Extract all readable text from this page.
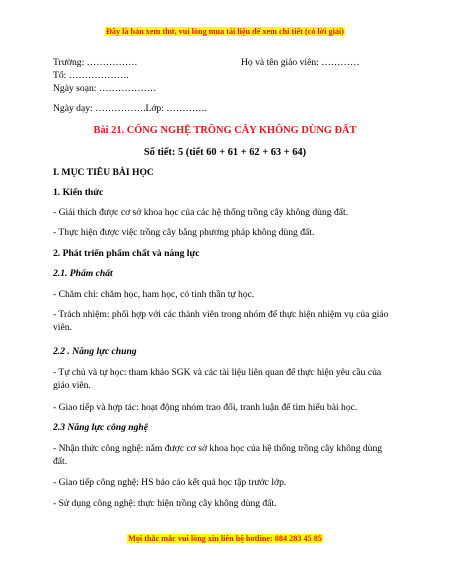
Đây là bản xem thử, vui lòng mua tài liệu để xem chi tiết (có lời giải)
Trường: …………….	Họ và tên giáo viên: …………
Tổ: ……………….
Ngày soạn: ………………
Ngày dạy: …………….Lớp: ………….
Bài 21. CÔNG NGHỆ TRỒNG CÂY KHÔNG DÙNG ĐẤT
Số tiết: 5 (tiết 60 + 61 + 62 + 63 + 64)
I. MỤC TIÊU BÀI HỌC
1. Kiến thức
- Giải thích được cơ sở khoa học của các hệ thống trồng cây không dùng đất.
- Thực hiện được việc trồng cây bằng phương pháp không dùng đất.
2. Phát triển phẩm chất và năng lực
2.1. Phẩm chất
- Chăm chỉ: chăm học, ham học, có tinh thần tự học.
- Trách nhiệm: phối hợp với các thành viên trong nhóm để thực hiện nhiệm vụ của giáo viên.
2.2 . Năng lực chung
- Tự chủ và tự học: tham khảo SGK và các tài liệu liên quan để thực hiện yêu cầu của giáo viên.
- Giao tiếp và hợp tác: hoạt động nhóm trao đổi, tranh luận để tìm hiểu bài học.
2.3 Năng lực công nghệ
- Nhận thức công nghệ: nắm được cơ sở khoa học của hệ thống trồng cây không dùng đất.
- Giao tiếp công nghệ: HS báo cáo kết quả học tập trước lớp.
- Sử dụng công nghệ: thực hiện trồng cây không dùng đất.
Mọi thắc mắc vui lòng xin liên hệ hotline: 084 283 45 85
